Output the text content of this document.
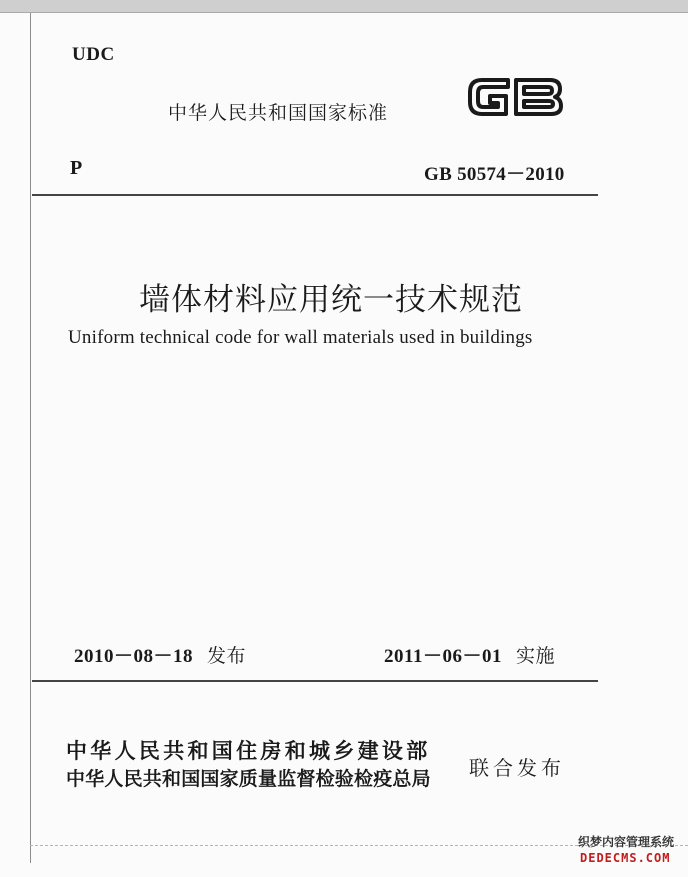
UDC
中华人民共和国国家标准
P	GB 50574－2010
墙体材料应用统一技术规范
Uniform technical code for wall materials used in buildings
2010－08－18 发布	2011－06－01 实施
中华人民共和国住房和城乡建设部
中华人民共和国国家质量监督检验检疫总局 联合发布
织梦内容管理系统
DEDECMS.COM
